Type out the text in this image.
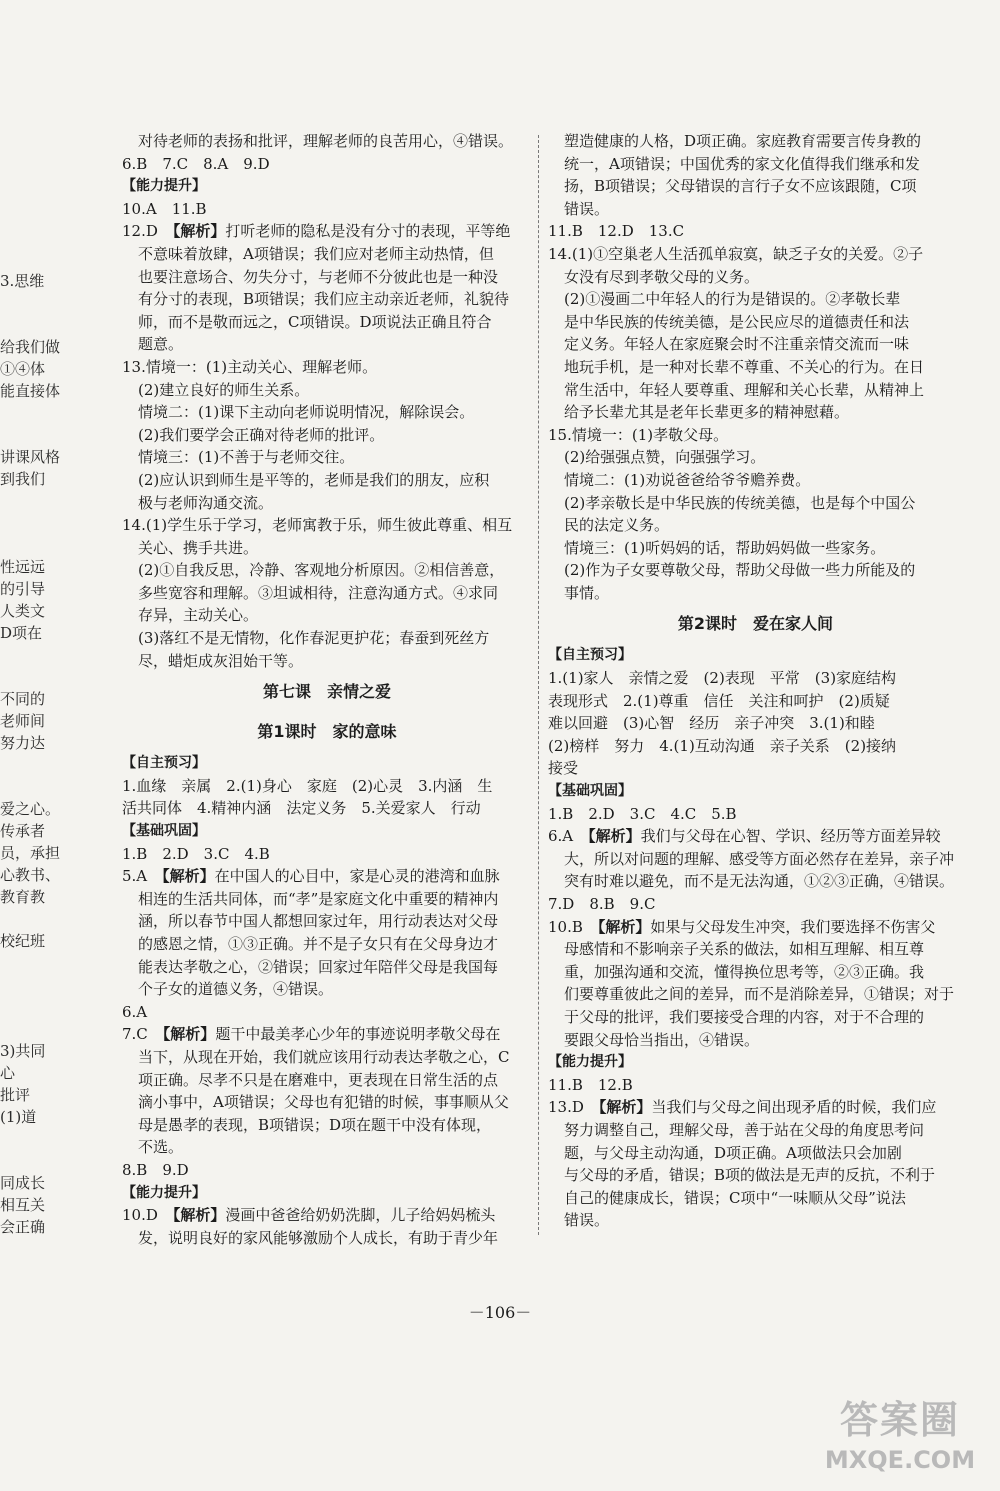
3.思维
给我们做
①④体
能直接体
讲课风格
到我们
性远远
的引导
人类文
D项在
不同的
老师间
努力达
爱之心。
传承者
员，承担
心教书、
教育教
校纪班
3)共同
心
批评
(1)道
同成长
相互关
会正确
对待老师的表扬和批评，理解老师的良苦用心，④错误。
6.B　7.C　8.A　9.D
【能力提升】
10.A　11.B
12.D　【解析】打听老师的隐私是没有分寸的表现，平等绝
不意味着放肆，A项错误；我们应对老师主动热情，但
也要注意场合、勿失分寸，与老师不分彼此也是一种没
有分寸的表现，B项错误；我们应主动亲近老师，礼貌待
师，而不是敬而远之，C项错误。D项说法正确且符合
题意。
13.情境一：(1)主动关心、理解老师。
(2)建立良好的师生关系。
情境二：(1)课下主动向老师说明情况，解除误会。
(2)我们要学会正确对待老师的批评。
情境三：(1)不善于与老师交往。
(2)应认识到师生是平等的，老师是我们的朋友，应积
极与老师沟通交流。
14.(1)学生乐于学习，老师寓教于乐，师生彼此尊重、相互
关心、携手共进。
(2)①自我反思，冷静、客观地分析原因。②相信善意，
多些宽容和理解。③坦诚相待，注意沟通方式。④求同
存异，主动关心。
(3)落红不是无情物，化作春泥更护花；春蚕到死丝方
尽，蜡炬成灰泪始干等。
第七课　亲情之爱
第1课时　家的意味
【自主预习】
1.血缘　亲属　2.(1)身心　家庭　(2)心灵　3.内涵　生
活共同体　4.精神内涵　法定义务　5.关爱家人　行动
【基础巩固】
1.B　2.D　3.C　4.B
5.A　【解析】在中国人的心目中，家是心灵的港湾和血脉
相连的生活共同体，而“孝”是家庭文化中重要的精神内
涵，所以春节中国人都想回家过年，用行动表达对父母
的感恩之情，①③正确。并不是子女只有在父母身边才
能表达孝敬之心，②错误；回家过年陪伴父母是我国每
个子女的道德义务，④错误。
6.A
7.C　【解析】题干中最美孝心少年的事迹说明孝敬父母在
当下，从现在开始，我们就应该用行动表达孝敬之心，C
项正确。尽孝不只是在磨难中，更表现在日常生活的点
滴小事中，A项错误；父母也有犯错的时候，事事顺从父
母是愚孝的表现，B项错误；D项在题干中没有体现，
不选。
8.B　9.D
【能力提升】
10.D　【解析】漫画中爸爸给奶奶洗脚，儿子给妈妈梳头
发，说明良好的家风能够激励个人成长，有助于青少年
塑造健康的人格，D项正确。家庭教育需要言传身教的
统一，A项错误；中国优秀的家文化值得我们继承和发
扬，B项错误；父母错误的言行子女不应该跟随，C项
错误。
11.B　12.D　13.C
14.(1)①空巢老人生活孤单寂寞，缺乏子女的关爱。②子
女没有尽到孝敬父母的义务。
(2)①漫画二中年轻人的行为是错误的。②孝敬长辈
是中华民族的传统美德，是公民应尽的道德责任和法
定义务。年轻人在家庭聚会时不注重亲情交流而一味
地玩手机，是一种对长辈不尊重、不关心的行为。在日
常生活中，年轻人要尊重、理解和关心长辈，从精神上
给予长辈尤其是老年长辈更多的精神慰藉。
15.情境一：(1)孝敬父母。
(2)给强强点赞，向强强学习。
情境二：(1)劝说爸爸给爷爷赡养费。
(2)孝亲敬长是中华民族的传统美德，也是每个中国公
民的法定义务。
情境三：(1)听妈妈的话，帮助妈妈做一些家务。
(2)作为子女要尊敬父母，帮助父母做一些力所能及的
事情。
第2课时　爱在家人间
【自主预习】
1.(1)家人　亲情之爱　(2)表现　平常　(3)家庭结构
表现形式　2.(1)尊重　信任　关注和呵护　(2)质疑
难以回避　(3)心智　经历　亲子冲突　3.(1)和睦
(2)榜样　努力　4.(1)互动沟通　亲子关系　(2)接纳
接受
【基础巩固】
1.B　2.D　3.C　4.C　5.B
6.A　【解析】我们与父母在心智、学识、经历等方面差异较
大，所以对问题的理解、感受等方面必然存在差异，亲子冲
突有时难以避免，而不是无法沟通，①②③正确，④错误。
7.D　8.B　9.C
10.B　【解析】如果与父母发生冲突，我们要选择不伤害父
母感情和不影响亲子关系的做法，如相互理解、相互尊
重，加强沟通和交流，懂得换位思考等，②③正确。我
们要尊重彼此之间的差异，而不是消除差异，①错误；对于
于父母的批评，我们要接受合理的内容，对于不合理的
要跟父母恰当指出，④错误。
【能力提升】
11.B　12.B
13.D　【解析】当我们与父母之间出现矛盾的时候，我们应
努力调整自己，理解父母，善于站在父母的角度思考问
题，与父母主动沟通，D项正确。A项做法只会加剧
与父母的矛盾，错误；B项的做法是无声的反抗，不利于
自己的健康成长，错误；C项中“一味顺从父母”说法
错误。
－106－
答案圈
MXQE.COM
